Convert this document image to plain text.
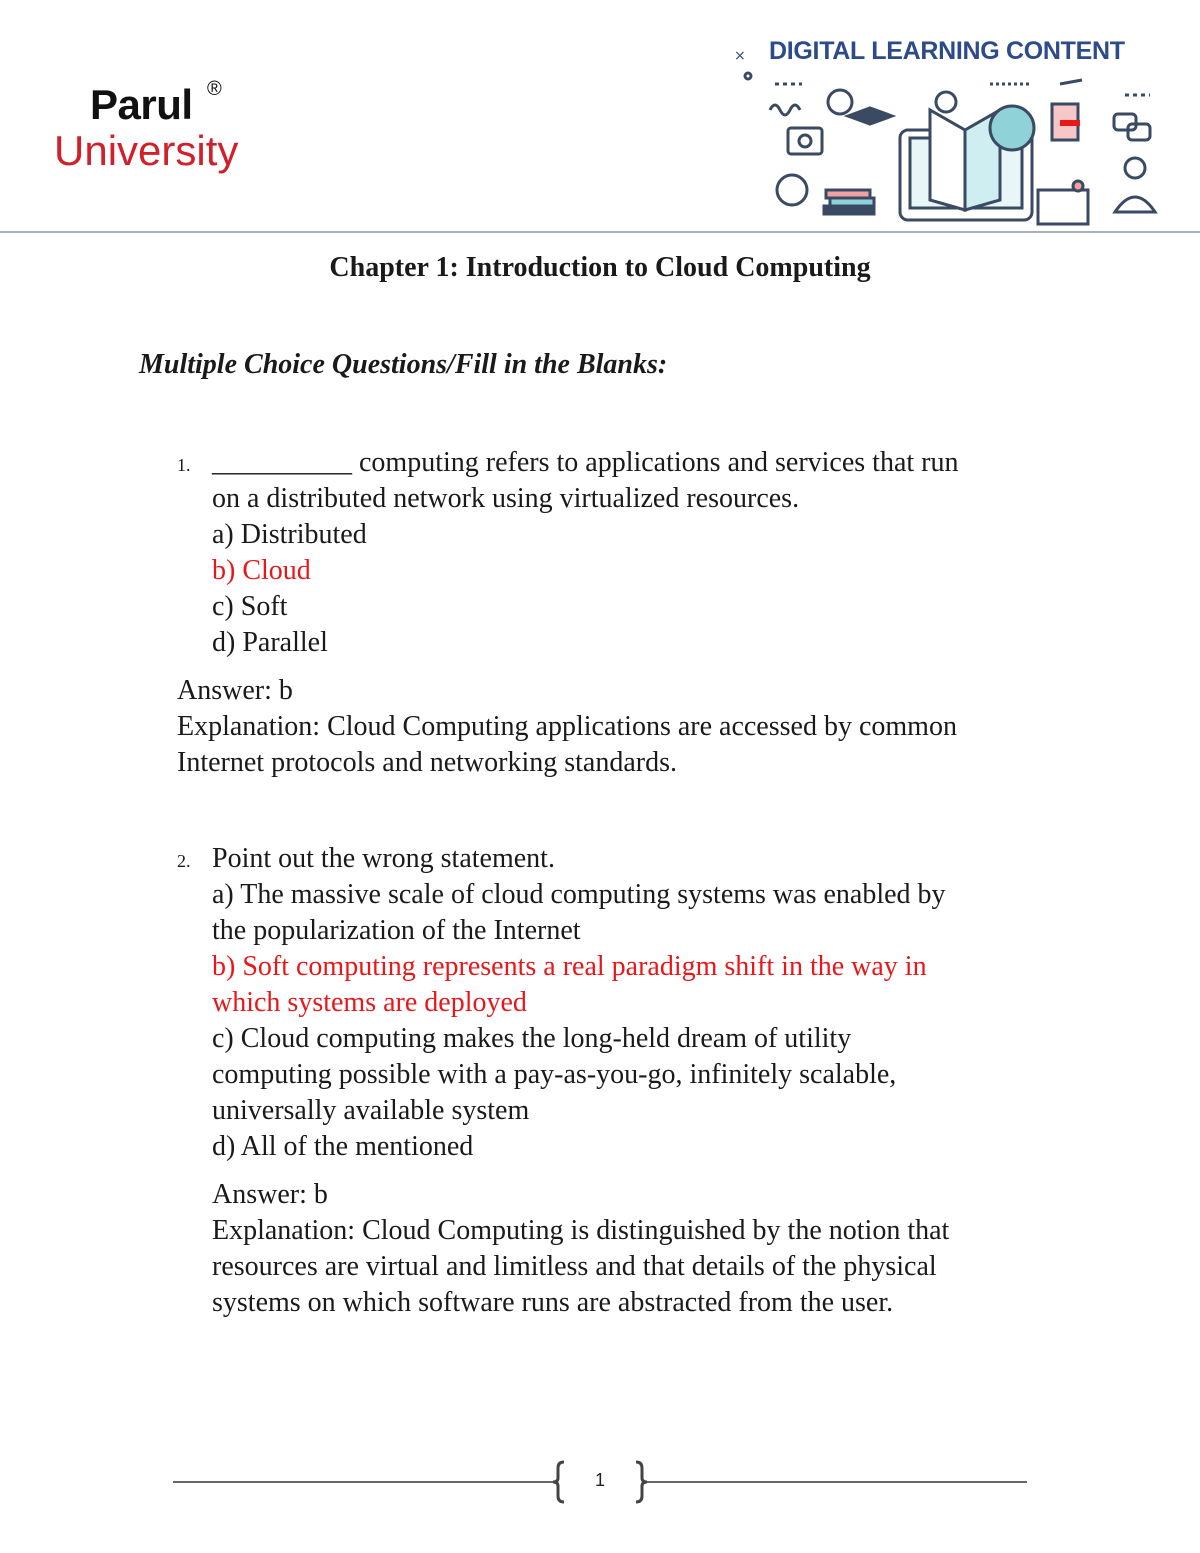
Parul ®
University
DIGITAL LEARNING CONTENT
×
Chapter 1: Introduction to Cloud Computing
Multiple Choice Questions/Fill in the Blanks:
1. __________ computing refers to applications and services that run
on a distributed network using virtualized resources.
a) Distributed
b) Cloud
c) Soft
d) Parallel
Answer: b
Explanation: Cloud Computing applications are accessed by common
Internet protocols and networking standards.
2. Point out the wrong statement.
a) The massive scale of cloud computing systems was enabled by
the popularization of the Internet
b) Soft computing represents a real paradigm shift in the way in
which systems are deployed
c) Cloud computing makes the long-held dream of utility
computing possible with a pay-as-you-go, infinitely scalable,
universally available system
d) All of the mentioned
Answer: b
Explanation: Cloud Computing is distinguished by the notion that
resources are virtual and limitless and that details of the physical
systems on which software runs are abstracted from the user.
1
